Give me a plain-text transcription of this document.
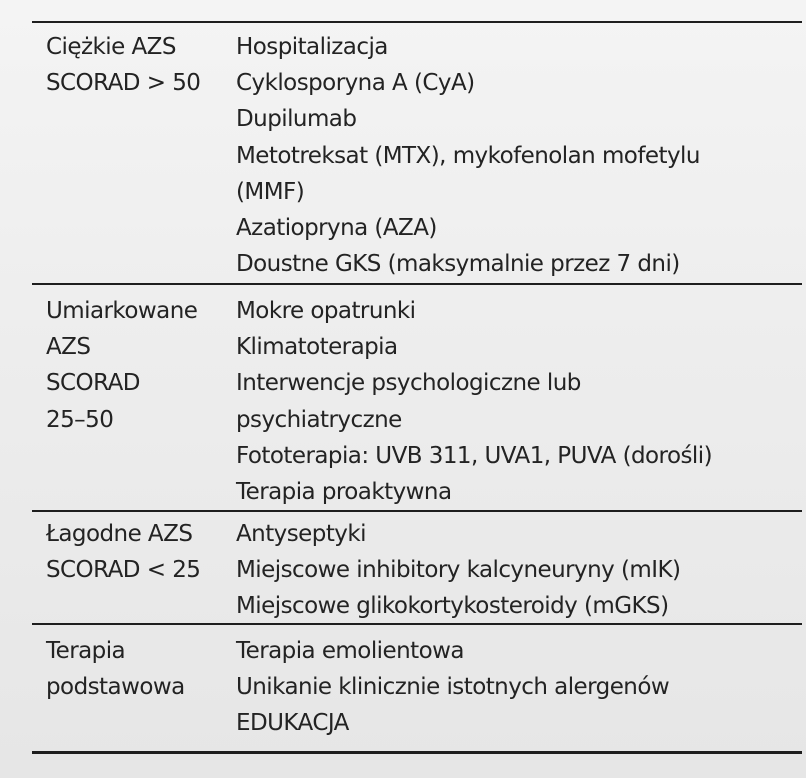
Ciężkie AZS
SCORAD > 50
Hospitalizacja
Cyklosporyna A (CyA)
Dupilumab
Metotreksat (MTX), mykofenolan mofetylu
(MMF)
Azatiopryna (AZA)
Doustne GKS (maksymalnie przez 7 dni)
Umiarkowane
AZS
SCORAD
25–50
Mokre opatrunki
Klimatoterapia
Interwencje psychologiczne lub
psychiatryczne
Fototerapia: UVB 311, UVA1, PUVA (dorośli)
Terapia proaktywna
Łagodne AZS
SCORAD < 25
Antyseptyki
Miejscowe inhibitory kalcyneuryny (mIK)
Miejscowe glikokortykosteroidy (mGKS)
Terapia
podstawowa
Terapia emolientowa
Unikanie klinicznie istotnych alergenów
EDUKACJA
